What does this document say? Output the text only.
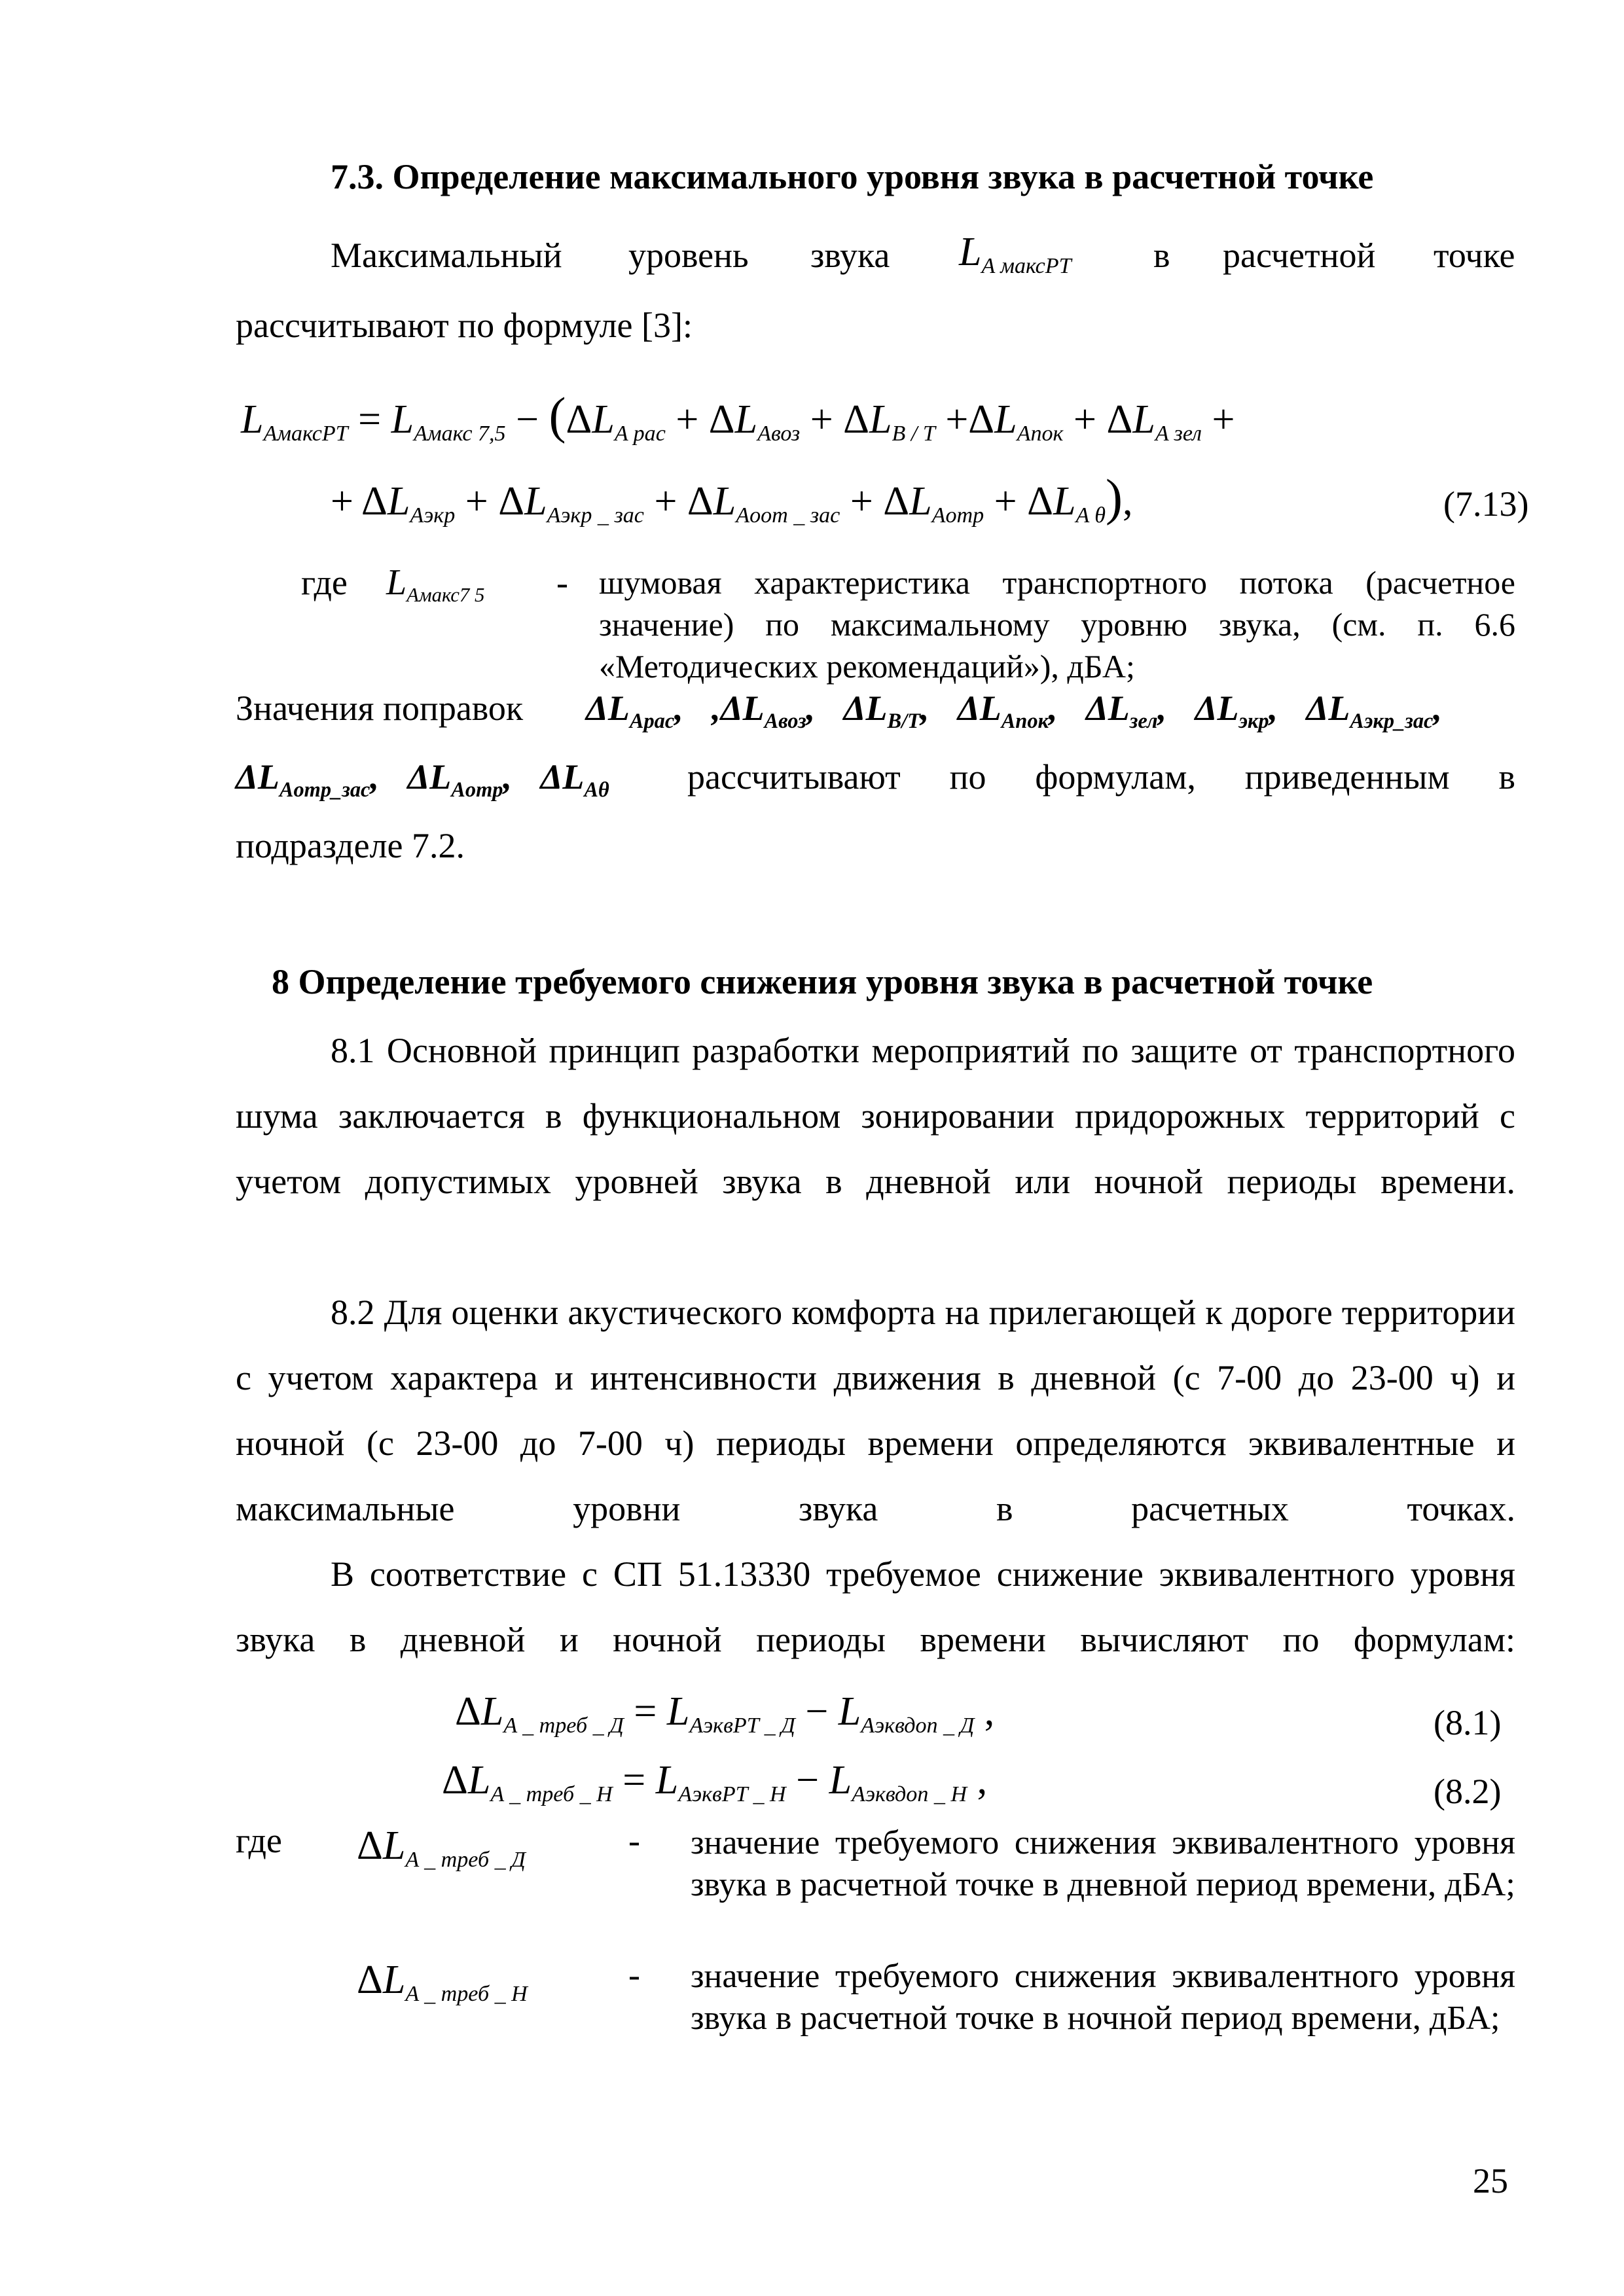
7.3. Определение максимального уровня звука в расчетной точке
Максимальный уровень звука $L_{A максPT}$ в расчетной точке
рассчитывают по формуле [3]:
$L_{AмаксPT} = L_{Aмакс 7,5} - (\Delta L_{A рас} + \Delta L_{Aвоз} + \Delta L_{B / T} +\Delta L_{Aпок} + \Delta L_{A зел}$ +
+ $\Delta L_{Aэкр} + \Delta L_{Aэкр \_ зас} + \Delta L_{Aоот \_ зас} + \Delta L_{Aотр} + \Delta L_{A \theta}$),	(7.13)
где $L_{Aмакс7 5}$ - шумовая характеристика транспортного потока (расчетное значение) по максимальному уровню звука, (см. п. 6.6 «Методических рекомендаций»), дБА;
Значения поправок $\Delta L_{Aрас}$, $,\Delta L_{Aвоз}$, $\Delta L_{B/T}$, $\Delta L_{Aпок}$, $\Delta L_{зел}$, $\Delta L_{экр}$, $\Delta L_{Aэкр\_зас}$,
$\Delta L_{Aотр\_зас}$, $\Delta L_{Aотр}$, $\Delta L_{A\theta}$ рассчитывают по формулам, приведенным в
подразделе 7.2.
8 Определение требуемого снижения уровня звука в расчетной точке
8.1 Основной принцип разработки мероприятий по защите от транспортного шума заключается в функциональном зонировании придорожных территорий с учетом допустимых уровней звука в дневной или ночной периоды времени.
8.2 Для оценки акустического комфорта на прилегающей к дороге территории с учетом характера и интенсивности движения в дневной (с 7-00 до 23-00 ч) и ночной (с 23-00 до 7-00 ч) периоды времени определяются эквивалентные и максимальные уровни звука в расчетных точках.
В соответствие с СП 51.13330 требуемое снижение эквивалентного уровня звука в дневной и ночной периоды времени вычисляют по формулам:
$\Delta L_{A \_ треб \_ Д} = L_{AэквPT \_ Д} - L_{Aэквдоп \_ Д}$ ,	(8.1)
$\Delta L_{A \_ треб \_ Н} = L_{AэквPT \_ Н} - L_{Aэквдоп \_ Н}$ ,	(8.2)
где $\Delta L_{A \_ треб \_ Д}$	- значение требуемого снижения эквивалентного уровня звука в расчетной точке в дневной период времени, дБА;
$\Delta L_{A \_ треб \_ Н}$	- значение требуемого снижения эквивалентного уровня звука в расчетной точке в ночной период времени, дБА;
25
